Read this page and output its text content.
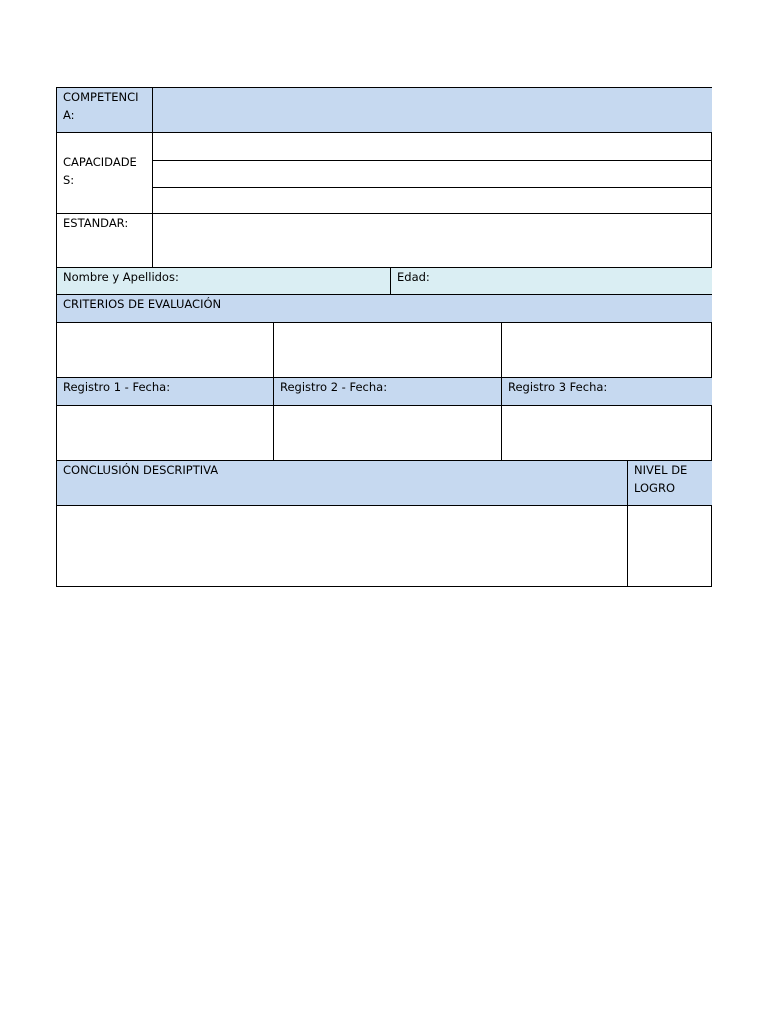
COMPETENCIA:
CAPACIDADES:
ESTANDAR:
Nombre y Apellidos:	Edad:
CRITERIOS DE EVALUACIÓN
Registro 1 - Fecha:	Registro 2 - Fecha:	Registro 3 Fecha:
CONCLUSIÓN DESCRIPTIVA	NIVEL DE LOGRO
